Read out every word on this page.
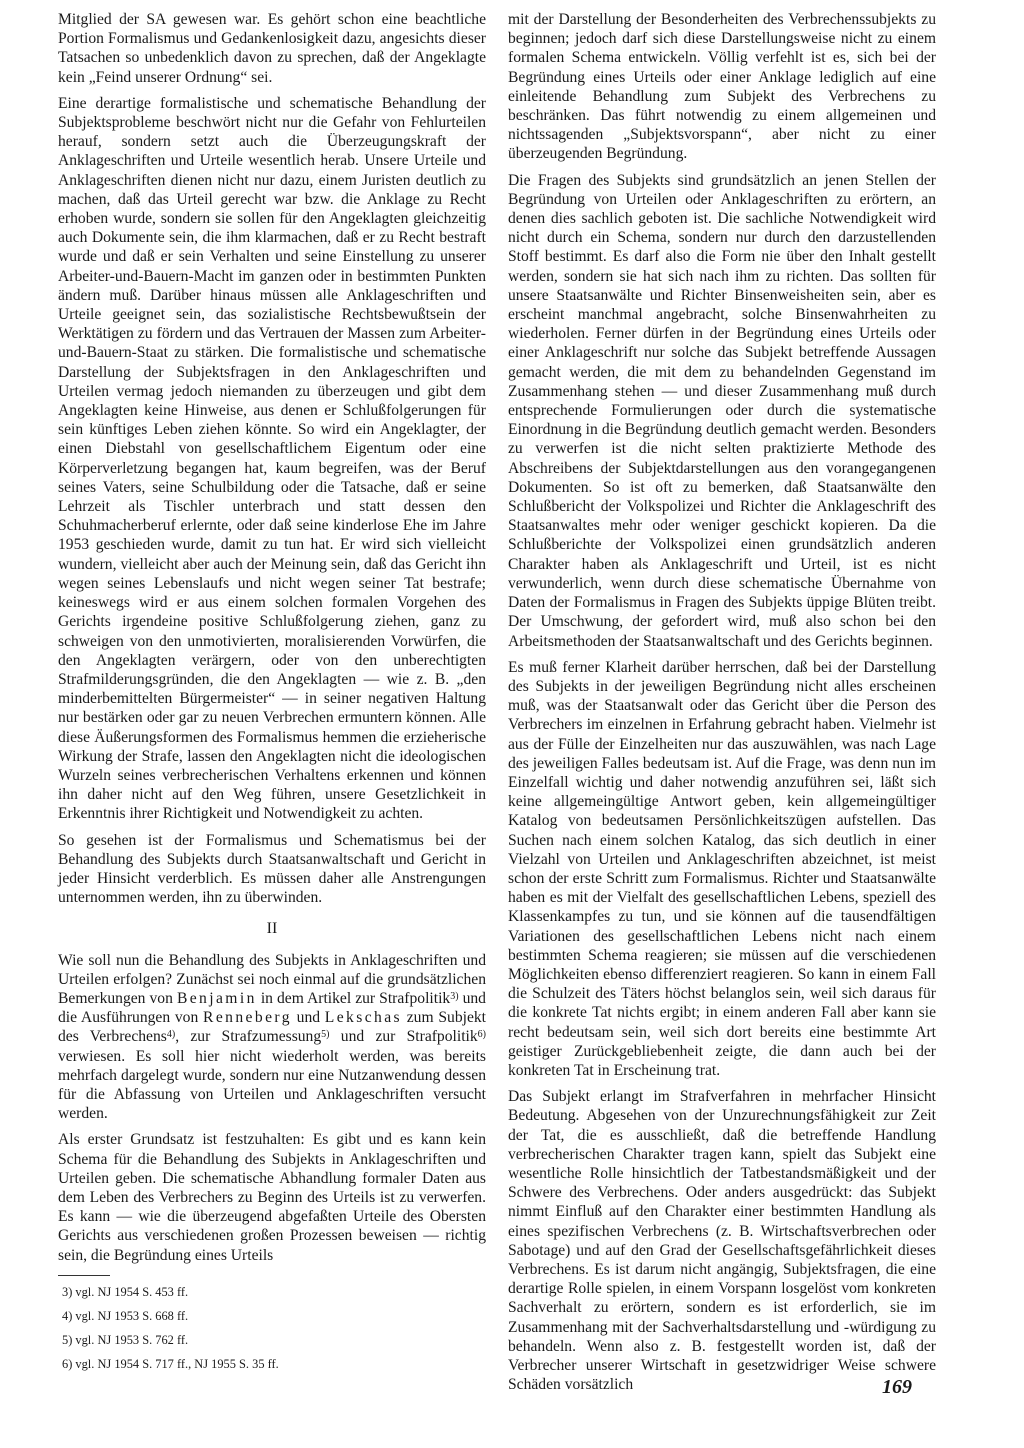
Mitglied der SA gewesen war. Es gehört schon eine beachtliche Portion Formalismus und Gedankenlosigkeit dazu, angesichts dieser Tatsachen so unbedenklich davon zu sprechen, daß der Angeklagte kein „Feind unserer Ordnung“ sei.

Eine derartige formalistische und schematische Behandlung der Subjektsprobleme beschwört nicht nur die Gefahr von Fehlurteilen herauf, sondern setzt auch die Überzeugungskraft der Anklageschriften und Urteile wesentlich herab. Unsere Urteile und Anklageschriften dienen nicht nur dazu, einem Juristen deutlich zu machen, daß das Urteil gerecht war bzw. die Anklage zu Recht erhoben wurde, sondern sie sollen für den Angeklagten gleichzeitig auch Dokumente sein, die ihm klarmachen, daß er zu Recht bestraft wurde und daß er sein Verhalten und seine Einstellung zu unserer Arbeiter-und-Bauern-Macht im ganzen oder in bestimmten Punkten ändern muß. Darüber hinaus müssen alle Anklageschriften und Urteile geeignet sein, das sozialistische Rechtsbewußtsein der Werktätigen zu fördern und das Vertrauen der Massen zum Arbeiter-und-Bauern-Staat zu stärken. Die formalistische und schematische Darstellung der Subjektsfragen in den Anklageschriften und Urteilen vermag jedoch niemanden zu überzeugen und gibt dem Angeklagten keine Hinweise, aus denen er Schlußfolgerungen für sein künftiges Leben ziehen könnte. So wird ein Angeklagter, der einen Diebstahl von gesellschaftlichem Eigentum oder eine Körperverletzung begangen hat, kaum begreifen, was der Beruf seines Vaters, seine Schulbildung oder die Tatsache, daß er seine Lehrzeit als Tischler unterbrach und statt dessen den Schuhmacherberuf erlernte, oder daß seine kinderlose Ehe im Jahre 1953 geschieden wurde, damit zu tun hat. Er wird sich vielleicht wundern, vielleicht aber auch der Meinung sein, daß das Gericht ihn wegen seines Lebenslaufs und nicht wegen seiner Tat bestrafe; keineswegs wird er aus einem solchen formalen Vorgehen des Gerichts irgendeine positive Schlußfolgerung ziehen, ganz zu schweigen von den unmotivierten, moralisierenden Vorwürfen, die den Angeklagten verärgern, oder von den unberechtigten Strafmilderungsgründen, die den Angeklagten — wie z. B. „den minderbemittelten Bürgermeister“ — in seiner negativen Haltung nur bestärken oder gar zu neuen Verbrechen ermuntern können. Alle diese Äußerungsformen des Formalismus hemmen die erzieherische Wirkung der Strafe, lassen den Angeklagten nicht die ideologischen Wurzeln seines verbrecherischen Verhaltens erkennen und können ihn daher nicht auf den Weg führen, unsere Gesetzlichkeit in Erkenntnis ihrer Richtigkeit und Notwendigkeit zu achten.

So gesehen ist der Formalismus und Schematismus bei der Behandlung des Subjekts durch Staatsanwaltschaft und Gericht in jeder Hinsicht verderblich. Es müssen daher alle Anstrengungen unternommen werden, ihn zu überwinden.

II

Wie soll nun die Behandlung des Subjekts in Anklageschriften und Urteilen erfolgen? Zunächst sei noch einmal auf die grundsätzlichen Bemerkungen von Benjamin in dem Artikel zur Strafpolitik$^{3)}$ und die Ausführungen von Renneberg und Lekschas zum Subjekt des Verbrechens$^{4)}$, zur Strafzumessung$^{5)}$ und zur Strafpolitik$^{6)}$ verwiesen. Es soll hier nicht wiederholt werden, was bereits mehrfach dargelegt wurde, sondern nur eine Nutzanwendung dessen für die Abfassung von Urteilen und Anklageschriften versucht werden.

Als erster Grundsatz ist festzuhalten: Es gibt und es kann kein Schema für die Behandlung des Subjekts in Anklageschriften und Urteilen geben. Die schematische Abhandlung formaler Daten aus dem Leben des Verbrechers zu Beginn des Urteils ist zu verwerfen. Es kann — wie die überzeugend abgefaßten Urteile des Obersten Gerichts aus verschiedenen großen Prozessen beweisen — richtig sein, die Begründung eines Urteils

3) vgl. NJ 1954 S. 453 ff.

4) vgl. NJ 1953 S. 668 ff.

5) vgl. NJ 1953 S. 762 ff.

6) vgl. NJ 1954 S. 717 ff., NJ 1955 S. 35 ff.

mit der Darstellung der Besonderheiten des Verbrechenssubjekts zu beginnen; jedoch darf sich diese Darstellungsweise nicht zu einem formalen Schema entwickeln. Völlig verfehlt ist es, sich bei der Begründung eines Urteils oder einer Anklage lediglich auf eine einleitende Behandlung zum Subjekt des Verbrechens zu beschränken. Das führt notwendig zu einem allgemeinen und nichtssagenden „Subjektsvorspann“, aber nicht zu einer überzeugenden Begründung.

Die Fragen des Subjekts sind grundsätzlich an jenen Stellen der Begründung von Urteilen oder Anklageschriften zu erörtern, an denen dies sachlich geboten ist. Die sachliche Notwendigkeit wird nicht durch ein Schema, sondern nur durch den darzustellenden Stoff bestimmt. Es darf also die Form nie über den Inhalt gestellt werden, sondern sie hat sich nach ihm zu richten. Das sollten für unsere Staatsanwälte und Richter Binsenweisheiten sein, aber es erscheint manchmal angebracht, solche Binsenwahrheiten zu wiederholen. Ferner dürfen in der Begründung eines Urteils oder einer Anklageschrift nur solche das Subjekt betreffende Aussagen gemacht werden, die mit dem zu behandelnden Gegenstand im Zusammenhang stehen — und dieser Zusammenhang muß durch entsprechende Formulierungen oder durch die systematische Einordnung in die Begründung deutlich gemacht werden. Besonders zu verwerfen ist die nicht selten praktizierte Methode des Abschreibens der Subjektdarstellungen aus den vorangegangenen Dokumenten. So ist oft zu bemerken, daß Staatsanwälte den Schlußbericht der Volkspolizei und Richter die Anklageschrift des Staatsanwaltes mehr oder weniger geschickt kopieren. Da die Schlußberichte der Volkspolizei einen grundsätzlich anderen Charakter haben als Anklageschrift und Urteil, ist es nicht verwunderlich, wenn durch diese schematische Übernahme von Daten der Formalismus in Fragen des Subjekts üppige Blüten treibt. Der Umschwung, der gefordert wird, muß also schon bei den Arbeitsmethoden der Staatsanwaltschaft und des Gerichts beginnen.

Es muß ferner Klarheit darüber herrschen, daß bei der Darstellung des Subjekts in der jeweiligen Begründung nicht alles erscheinen muß, was der Staatsanwalt oder das Gericht über die Person des Verbrechers im einzelnen in Erfahrung gebracht haben. Vielmehr ist aus der Fülle der Einzelheiten nur das auszuwählen, was nach Lage des jeweiligen Falles bedeutsam ist. Auf die Frage, was denn nun im Einzelfall wichtig und daher notwendig anzuführen sei, läßt sich keine allgemeingültige Antwort geben, kein allgemeingültiger Katalog von bedeutsamen Persönlichkeitszügen aufstellen. Das Suchen nach einem solchen Katalog, das sich deutlich in einer Vielzahl von Urteilen und Anklageschriften abzeichnet, ist meist schon der erste Schritt zum Formalismus. Richter und Staatsanwälte haben es mit der Vielfalt des gesellschaftlichen Lebens, speziell des Klassenkampfes zu tun, und sie können auf die tausendfältigen Variationen des gesellschaftlichen Lebens nicht nach einem bestimmten Schema reagieren; sie müssen auf die verschiedenen Möglichkeiten ebenso differenziert reagieren. So kann in einem Fall die Schulzeit des Täters höchst belanglos sein, weil sich daraus für die konkrete Tat nichts ergibt; in einem anderen Fall aber kann sie recht bedeutsam sein, weil sich dort bereits eine bestimmte Art geistiger Zurückgebliebenheit zeigte, die dann auch bei der konkreten Tat in Erscheinung trat.

Das Subjekt erlangt im Strafverfahren in mehrfacher Hinsicht Bedeutung. Abgesehen von der Unzurechnungsfähigkeit zur Zeit der Tat, die es ausschließt, daß die betreffende Handlung verbrecherischen Charakter tragen kann, spielt das Subjekt eine wesentliche Rolle hinsichtlich der Tatbestandsmäßigkeit und der Schwere des Verbrechens. Oder anders ausgedrückt: das Subjekt nimmt Einfluß auf den Charakter einer bestimmten Handlung als eines spezifischen Verbrechens (z. B. Wirtschaftsverbrechen oder Sabotage) und auf den Grad der Gesellschaftsgefährlichkeit dieses Verbrechens. Es ist darum nicht angängig, Subjektsfragen, die eine derartige Rolle spielen, in einem Vorspann losgelöst vom konkreten Sachverhalt zu erörtern, sondern es ist erforderlich, sie im Zusammenhang mit der Sachverhaltsdarstellung und -würdigung zu behandeln. Wenn also z. B. festgestellt worden ist, daß der Verbrecher unserer Wirtschaft in gesetzwidriger Weise schwere Schäden vorsätzlich	169
